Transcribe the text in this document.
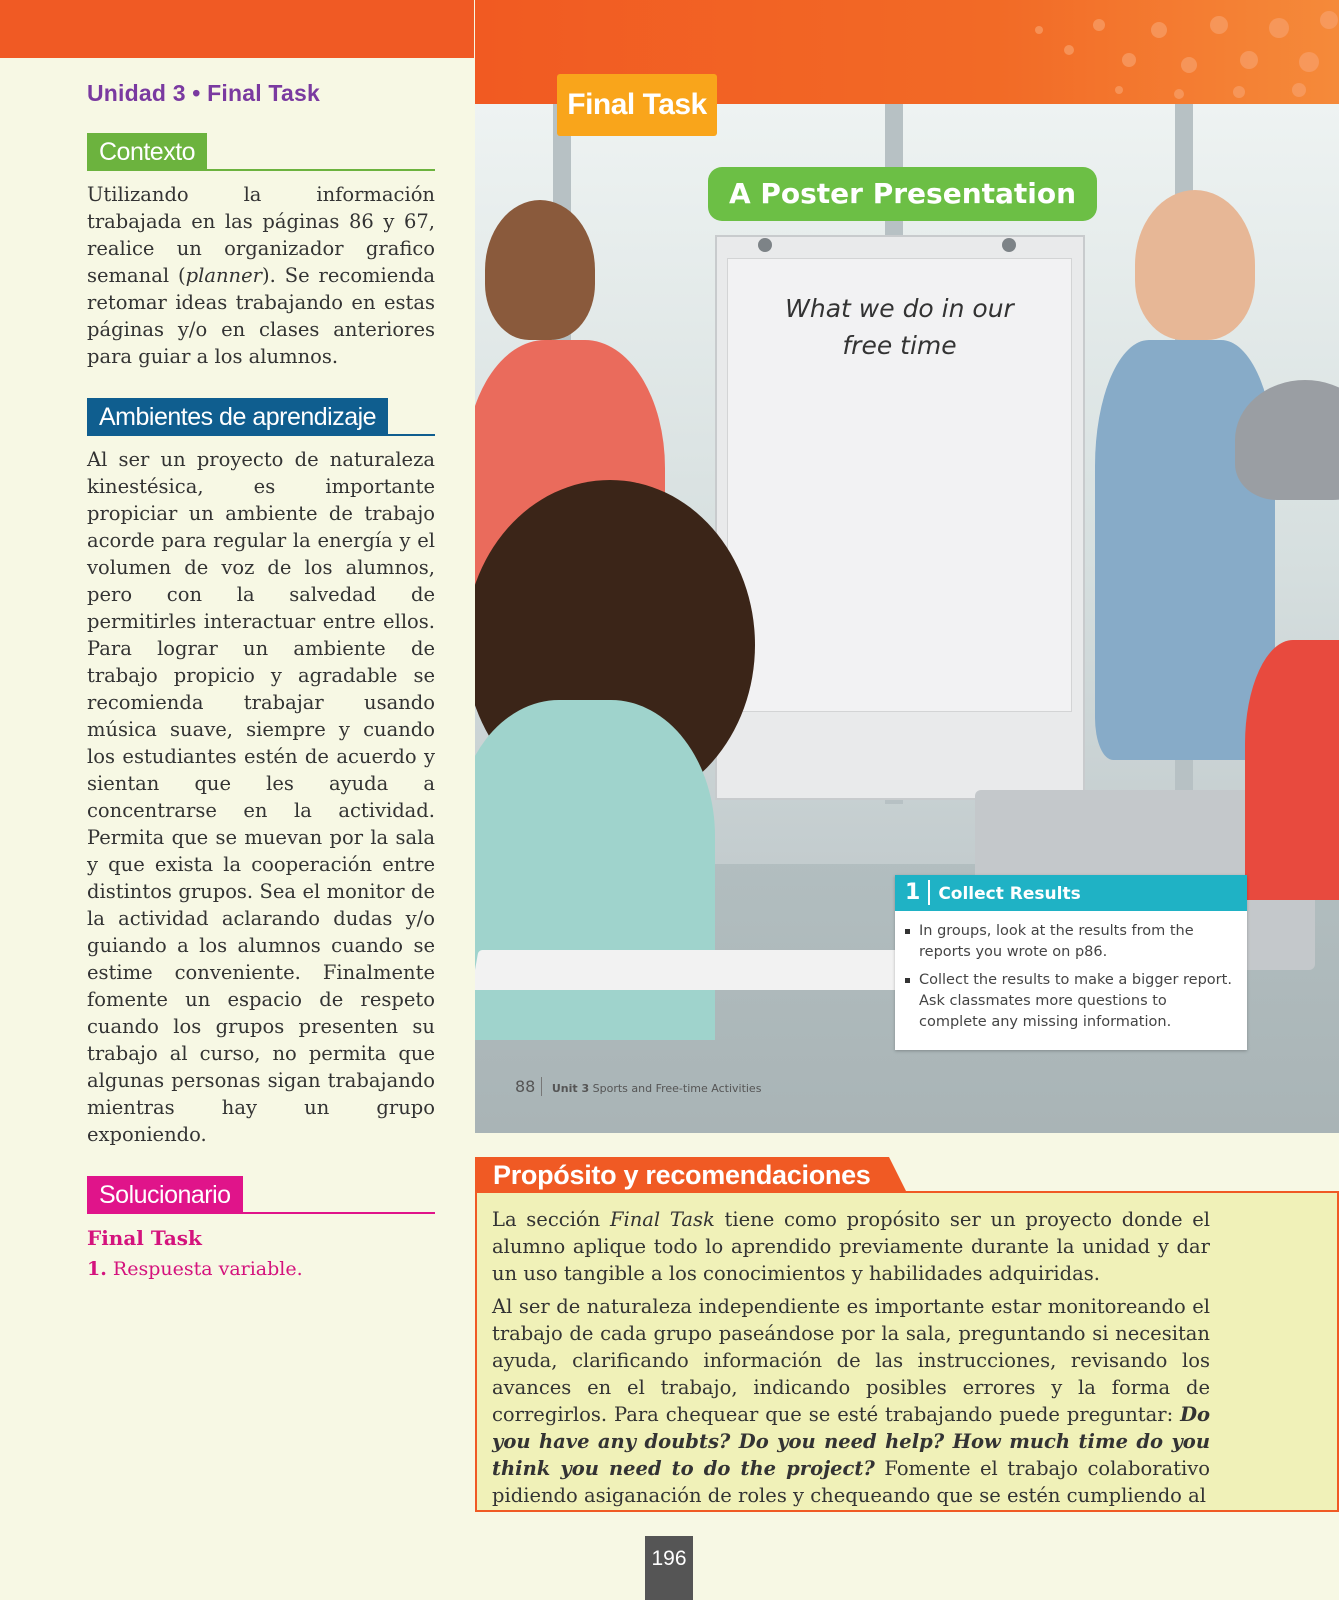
Unidad 3 • Final Task
Contexto

Utilizando la información trabajada en las páginas 86 y 67, realice un organizador grafico semanal (planner). Se recomienda retomar ideas trabajando en estas páginas y/o en clases anteriores para guiar a los alumnos.

Ambientes de aprendizaje

Al ser un proyecto de naturaleza kinestésica, es importante propiciar un ambiente de trabajo acorde para regular la energía y el volumen de voz de los alumnos, pero con la salvedad de permitirles interactuar entre ellos. Para lograr un ambiente de trabajo propicio y agradable se recomienda trabajar usando música suave, siempre y cuando los estudiantes estén de acuerdo y sientan que les ayuda a concentrarse en la actividad. Permita que se muevan por la sala y que exista la cooperación entre distintos grupos. Sea el monitor de la actividad aclarando dudas y/o guiando a los alumnos cuando se estime conveniente. Finalmente fomente un espacio de respeto cuando los grupos presenten su trabajo al curso, no permita que algunas personas sigan trabajando mientras hay un grupo exponiendo.

Solucionario
Final Task
1. Respuesta variable.
What we do in our
free time
Final Task
A Poster Presentation
1 Collect Results
In groups, look at the results from the reports you wrote on p86.
Collect the results to make a bigger report. Ask classmates more questions to complete any missing information.
88 Unit 3 Sports and Free-time Activities
Propósito y recomendaciones

La sección Final Task tiene como propósito ser un proyecto donde el alumno aplique todo lo aprendido previamente durante la unidad y dar un uso tangible a los conocimientos y habilidades adquiridas.

Al ser de naturaleza independiente es importante estar monitoreando el trabajo de cada grupo paseándose por la sala, preguntando si necesitan ayuda, clarificando información de las instrucciones, revisando los avances en el trabajo, indicando posibles errores y la forma de corregirlos. Para chequear que se esté trabajando puede preguntar: Do you have any doubts? Do you need help? How much time do you think you need to do the project? Fomente el trabajo colaborativo pidiendo asiganación de roles y chequeando que se estén cumpliendo al

196
